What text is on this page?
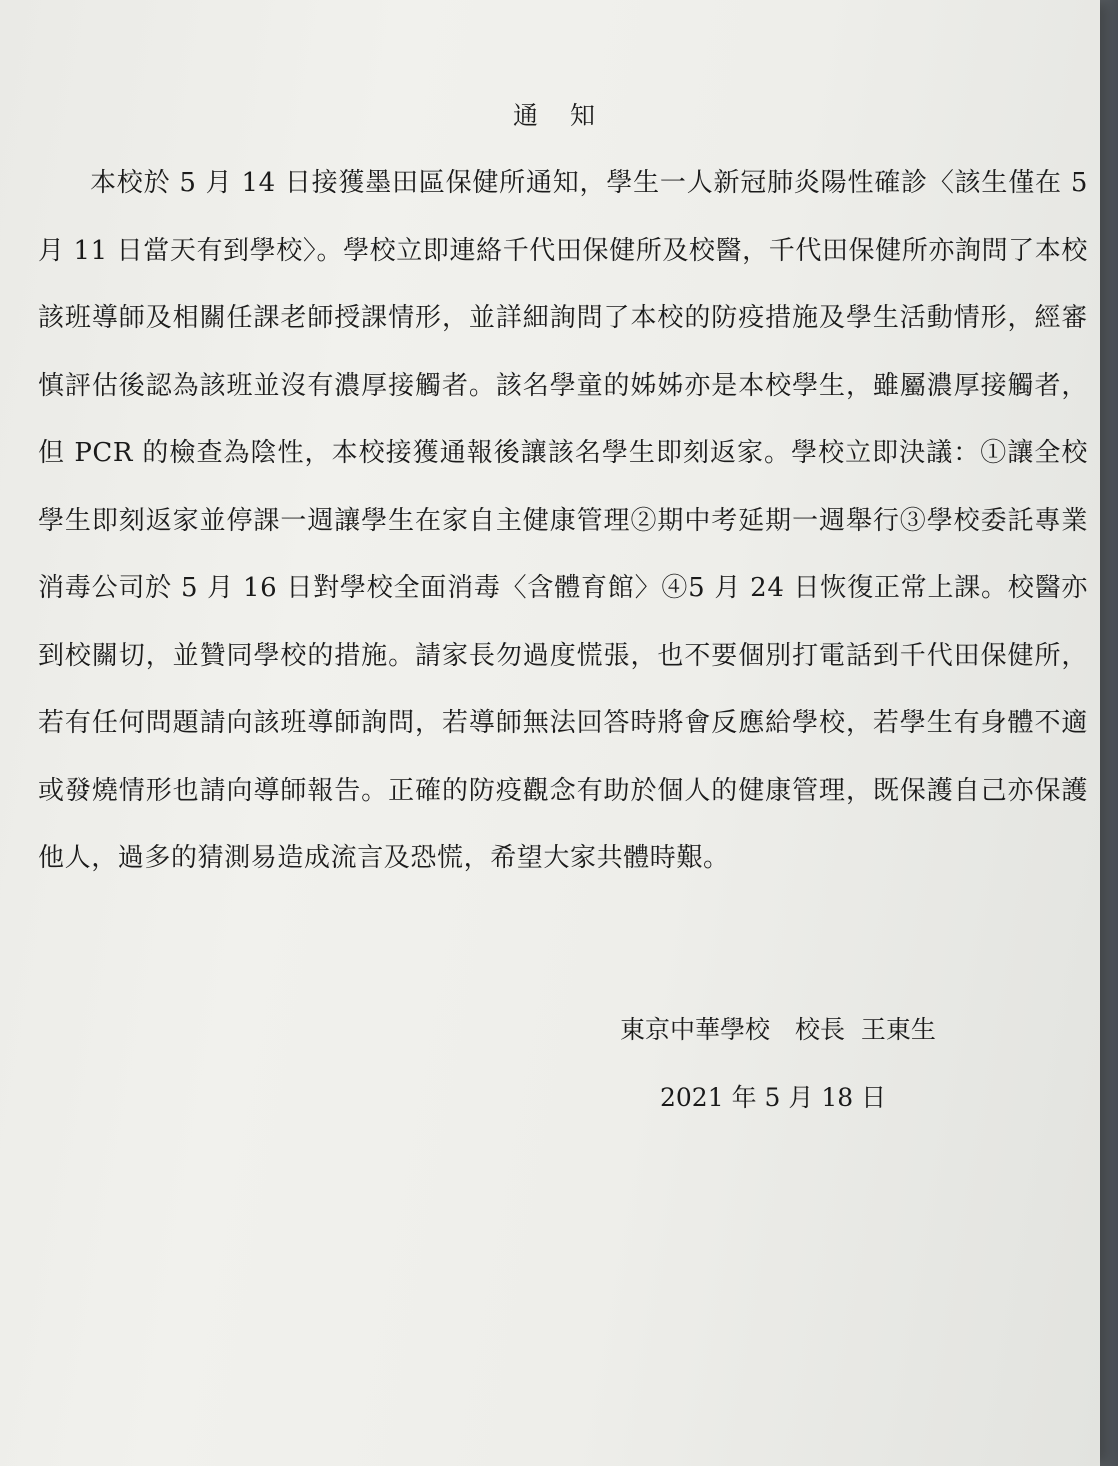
通知

本校於 5 月 14 日接獲墨田區保健所通知，學生一人新冠肺炎陽性確診〈該生僅在 5 月 11 日當天有到學校〉。學校立即連絡千代田保健所及校醫，千代田保健所亦詢問了本校該班導師及相關任課老師授課情形，並詳細詢問了本校的防疫措施及學生活動情形，經審慎評估後認為該班並沒有濃厚接觸者。該名學童的姊姊亦是本校學生，雖屬濃厚接觸者，但 PCR 的檢查為陰性，本校接獲通報後讓該名學生即刻返家。學校立即決議：①讓全校學生即刻返家並停課一週讓學生在家自主健康管理②期中考延期一週舉行③學校委託專業消毒公司於 5 月 16 日對學校全面消毒〈含體育館〉④5 月 24 日恢復正常上課。校醫亦到校關切，並贊同學校的措施。請家長勿過度慌張，也不要個別打電話到千代田保健所，若有任何問題請向該班導師詢問，若導師無法回答時將會反應給學校，若學生有身體不適或發燒情形也請向導師報告。正確的防疫觀念有助於個人的健康管理，既保護自己亦保護他人，過多的猜測易造成流言及恐慌，希望大家共體時艱。

東京中華學校　校長  王東生
2021 年 5 月 18 日
